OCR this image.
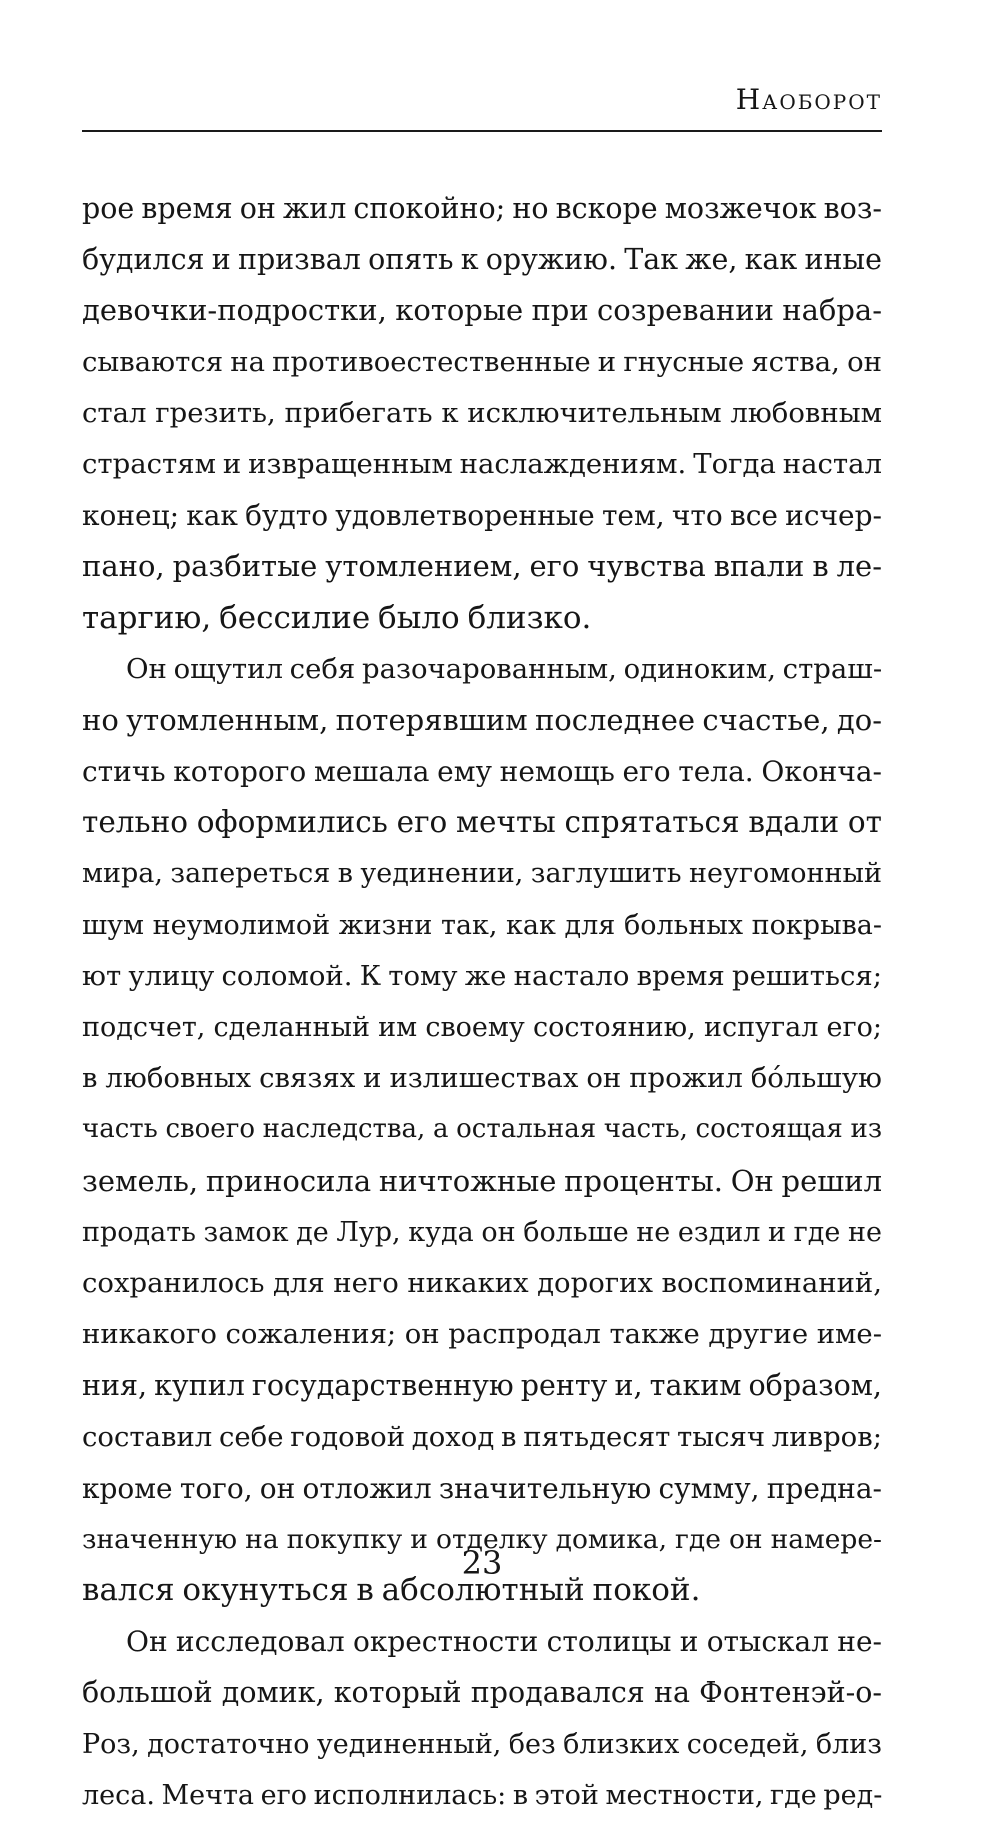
Наоборот
рое время он жил спокойно; но вскоре мозжечок воз-
будился и призвал опять к оружию. Так же, как иные
девочки-подростки, которые при созревании набра-
сываются на противоестественные и гнусные яства, он
стал грезить, прибегать к исключительным любовным
страстям и извращенным наслаждениям. Тогда настал
конец; как будто удовлетворенные тем, что все исчер-
пано, разбитые утомлением, его чувства впали в ле-
таргию, бессилие было близко.
Он ощутил себя разочарованным, одиноким, страш-
но утомленным, потерявшим последнее счастье, до-
стичь которого мешала ему немощь его тела. Оконча-
тельно оформились его мечты спрятаться вдали от
мира, запереться в уединении, заглушить неугомонный
шум неумолимой жизни так, как для больных покрыва-
ют улицу соломой. К тому же настало время решиться;
подсчет, сделанный им своему состоянию, испугал его;
в любовных связях и излишествах он прожил бо́льшую
часть своего наследства, а остальная часть, состоящая из
земель, приносила ничтожные проценты. Он решил
продать замок де Лур, куда он больше не ездил и где не
сохранилось для него никаких дорогих воспоминаний,
никакого сожаления; он распродал также другие име-
ния, купил государственную ренту и, таким образом,
составил себе годовой доход в пятьдесят тысяч ливров;
кроме того, он отложил значительную сумму, предна-
значенную на покупку и отделку домика, где он намере-
вался окунуться в абсолютный покой.
Он исследовал окрестности столицы и отыскал не-
большой домик, который продавался на Фонтенэй-о-
Роз, достаточно уединенный, без близких соседей, близ
леса. Мечта его исполнилась: в этой местности, где ред-
23
